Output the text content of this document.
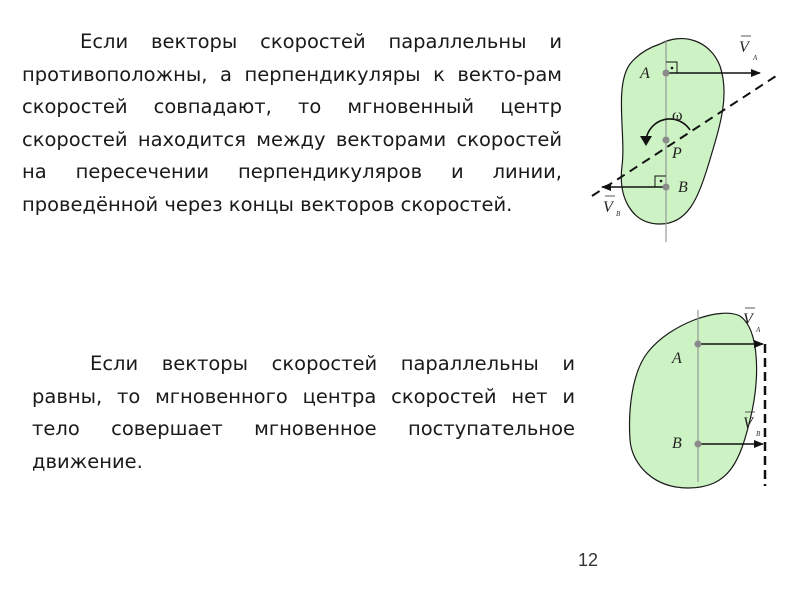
Если векторы скоростей параллельны и противоположны, а перпендикуляры к векто-рам скоростей совпадают, то мгновенный центр скоростей находится между векторами скоростей на пересечении перпендикуляров и линии, проведённой через концы векторов скоростей.

Если векторы скоростей параллельны и равны, то мгновенного центра скоростей нет и тело совершает мгновенное поступательное движение.

12
A
P
B
ω
V
A
V B
A
B
V
A
V
B
